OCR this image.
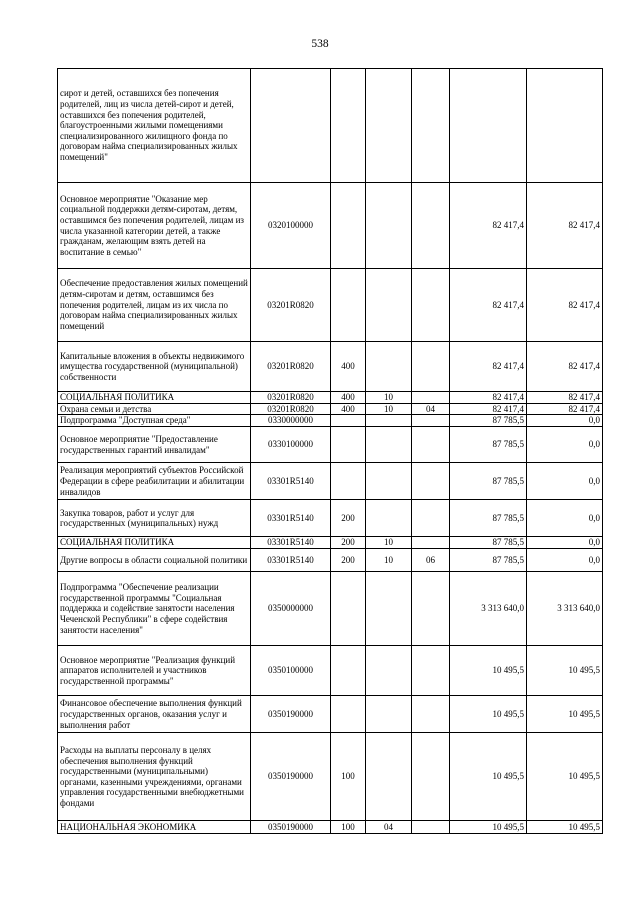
538
сирот и детей, оставшихся без попечения родителей, лиц из числа детей-сирот и детей, оставшихся без попечения родителей, благоустроенными жилыми помещениями специализированного жилищного фонда по договорам найма специализированных жилых помещений"						
Основное мероприятие "Оказание мер социальной поддержки детям-сиротам, детям, оставшимся без попечения родителей, лицам из числа указанной категории детей, а также гражданам, желающим взять детей на воспитание в семью"	0320100000				82 417,4	82 417,4
Обеспечение предоставления жилых помещений детям-сиротам и детям, оставшимся без попечения родителей, лицам из их числа по договорам найма специализированных жилых помещений	03201R0820				82 417,4	82 417,4
Капитальные вложения в объекты недвижимого имущества государственной (муниципальной) собственности	03201R0820	400			82 417,4	82 417,4
СОЦИАЛЬНАЯ ПОЛИТИКА	03201R0820	400	10		82 417,4	82 417,4
Охрана семьи и детства	03201R0820	400	10	04	82 417,4	82 417,4
Подпрограмма "Доступная среда"	0330000000				87 785,5	0,0
Основное мероприятие "Предоставление государственных гарантий инвалидам"	0330100000				87 785,5	0,0
Реализация мероприятий субъектов Российской Федерации в сфере реабилитации и абилитации инвалидов	03301R5140				87 785,5	0,0
Закупка товаров, работ и услуг для государственных (муниципальных) нужд	03301R5140	200			87 785,5	0,0
СОЦИАЛЬНАЯ ПОЛИТИКА	03301R5140	200	10		87 785,5	0,0
Другие вопросы в области социальной политики	03301R5140	200	10	06	87 785,5	0,0
Подпрограмма "Обеспечение реализации государственной программы "Социальная поддержка и содействие занятости населения Чеченской Республики" в сфере содействия занятости населения"	0350000000				3 313 640,0	3 313 640,0
Основное мероприятие "Реализация функций аппаратов исполнителей и участников государственной программы"	0350100000				10 495,5	10 495,5
Финансовое обеспечение выполнения функций государственных органов, оказания услуг и выполнения работ	0350190000				10 495,5	10 495,5
Расходы на выплаты персоналу в целях обеспечения выполнения функций государственными (муниципальными) органами, казенными учреждениями, органами управления государственными внебюджетными фондами	0350190000	100			10 495,5	10 495,5
НАЦИОНАЛЬНАЯ ЭКОНОМИКА	0350190000	100	04		10 495,5	10 495,5
